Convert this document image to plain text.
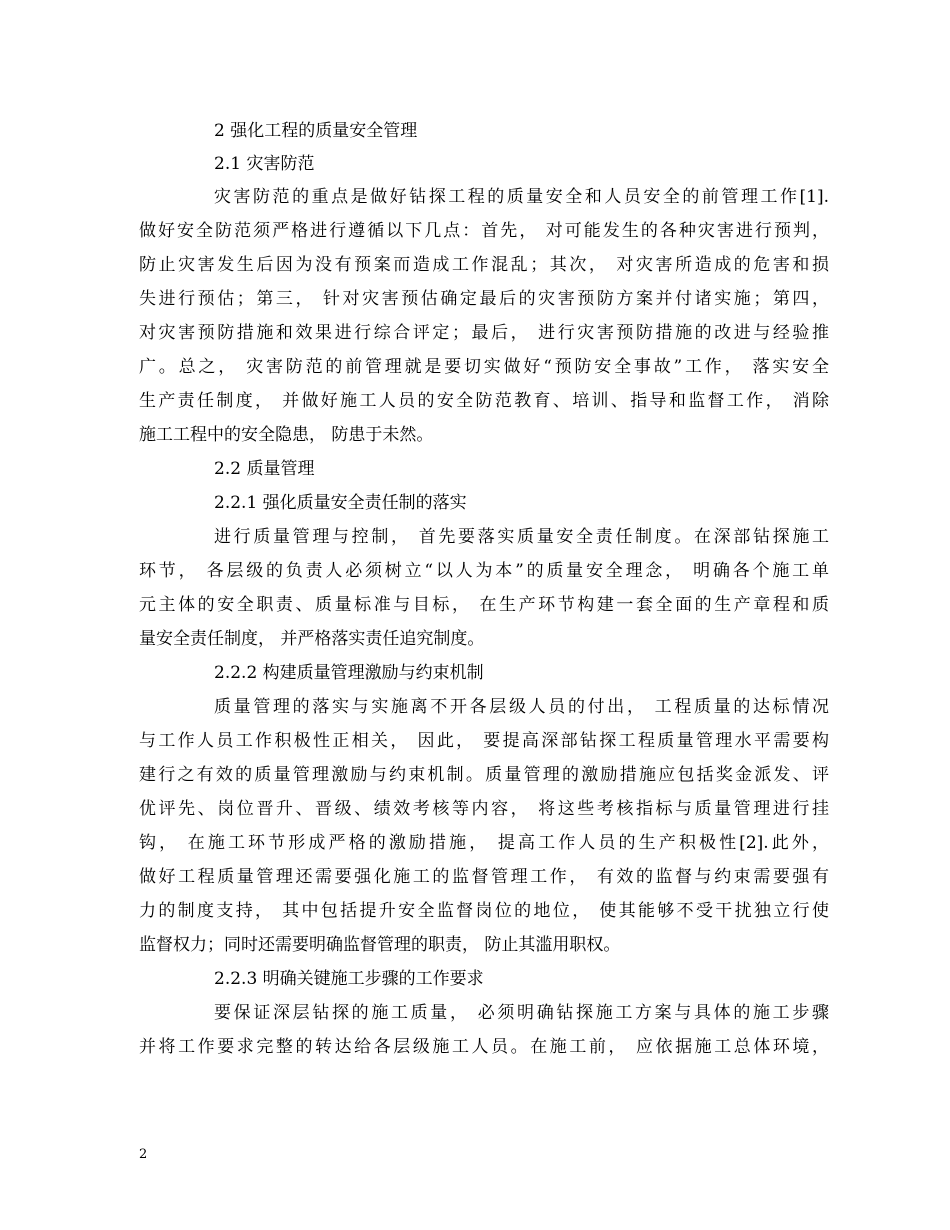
2 强化工程的质量安全管理
2.1 灾害防范
灾害防范的重点是做好钻探工程的质量安全和人员安全的前管理工作[1].
做好安全防范须严格进行遵循以下几点：首先， 对可能发生的各种灾害进行预判，
防止灾害发生后因为没有预案而造成工作混乱；其次， 对灾害所造成的危害和损
失进行预估；第三， 针对灾害预估确定最后的灾害预防方案并付诸实施；第四，
对灾害预防措施和效果进行综合评定；最后， 进行灾害预防措施的改进与经验推
广。总之， 灾害防范的前管理就是要切实做好“预防安全事故”工作， 落实安全
生产责任制度， 并做好施工人员的安全防范教育、培训、指导和监督工作， 消除
施工工程中的安全隐患， 防患于未然。
2.2 质量管理
2.2.1 强化质量安全责任制的落实
进行质量管理与控制， 首先要落实质量安全责任制度。在深部钻探施工
环节， 各层级的负责人必须树立“以人为本”的质量安全理念， 明确各个施工单
元主体的安全职责、质量标准与目标， 在生产环节构建一套全面的生产章程和质
量安全责任制度， 并严格落实责任追究制度。
2.2.2 构建质量管理激励与约束机制
质量管理的落实与实施离不开各层级人员的付出， 工程质量的达标情况
与工作人员工作积极性正相关， 因此， 要提高深部钻探工程质量管理水平需要构
建行之有效的质量管理激励与约束机制。质量管理的激励措施应包括奖金派发、评
优评先、岗位晋升、晋级、绩效考核等内容， 将这些考核指标与质量管理进行挂
钩， 在施工环节形成严格的激励措施， 提高工作人员的生产积极性[2].此外，
做好工程质量管理还需要强化施工的监督管理工作， 有效的监督与约束需要强有
力的制度支持， 其中包括提升安全监督岗位的地位， 使其能够不受干扰独立行使
监督权力；同时还需要明确监督管理的职责， 防止其滥用职权。
2.2.3 明确关键施工步骤的工作要求
要保证深层钻探的施工质量， 必须明确钻探施工方案与具体的施工步骤
并将工作要求完整的转达给各层级施工人员。在施工前， 应依据施工总体环境，
2
